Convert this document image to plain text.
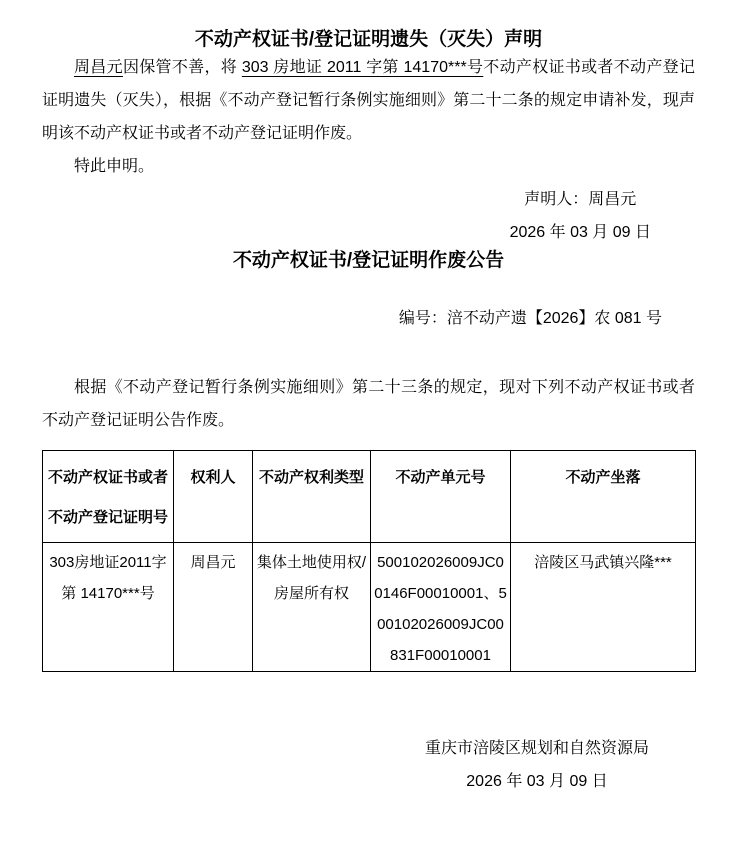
不动产权证书/登记证明遗失（灭失）声明

周昌元因保管不善，将 303 房地证 2011 字第 14170***号不动产权证书或者不动产登记证明遗失（灭失），根据《不动产登记暂行条例实施细则》第二十二条的规定申请补发，现声明该不动产权证书或者不动产登记证明作废。

特此申明。

声明人：周昌元
2026 年 03 月 09 日
不动产权证书/登记证明作废公告
编号：涪不动产遗【2026】农 081 号

根据《不动产登记暂行条例实施细则》第二十三条的规定，现对下列不动产权证书或者不动产登记证明公告作废。

不动产权证书或者
不动产登记证明号	权利人	不动产权利类型	不动产单元号	不动产坐落
303房地证2011字
第 14170***号	周昌元	集体土地使用权/
房屋所有权	500102026009JC0
0146F00010001、5
00102026009JC00
831F00010001	涪陵区马武镇兴隆***
重庆市涪陵区规划和自然资源局
2026 年 03 月 09 日
